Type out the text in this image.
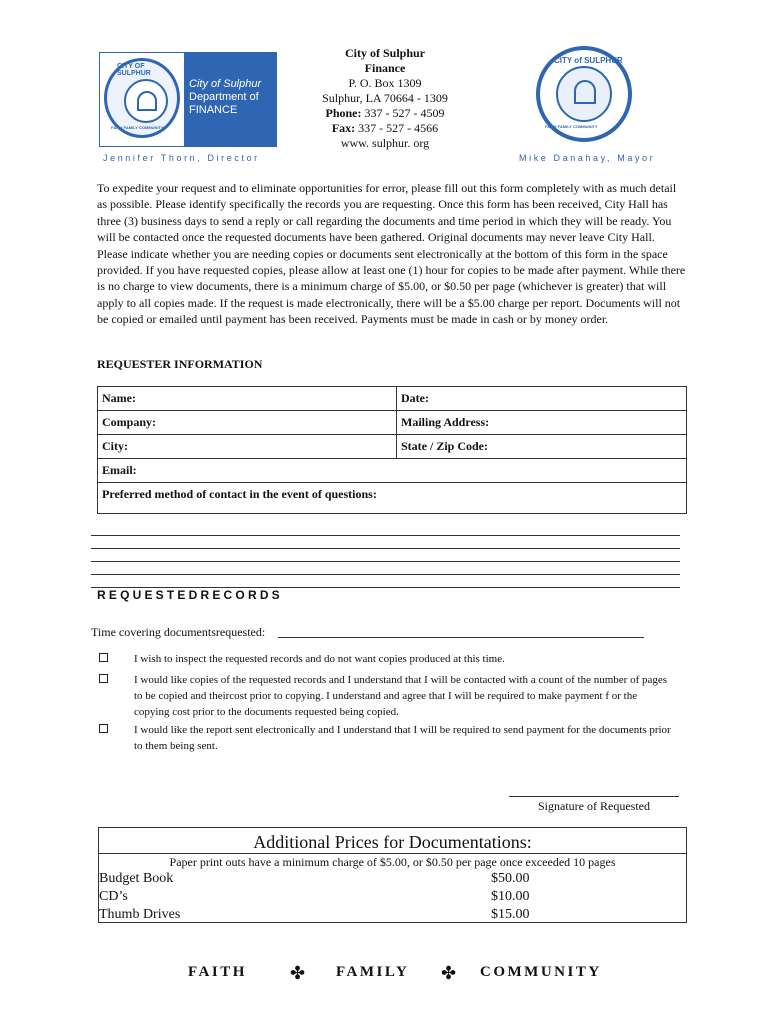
CITY OF SULPHUR
FAITH FAMILY COMMUNITY
City of Sulphur
Department of
FINANCE
City of Sulphur
Finance
P. O. Box 1309
Sulphur, LA 70664 - 1309
Phone: 337 - 527 - 4509
Fax: 337 - 527 - 4566
www. sulphur. org
CITY of SULPHUR
FAITH FAMILY COMMUNITY
Jennifer Thorn, Director	Mike Danahay, Mayor
To expedite your request and to eliminate opportunities for error, please fill out this form completely with as much detail as possible. Please identify specifically the records you are requesting. Once this form has been received, City Hall has three (3) business days to send a reply or call regarding the documents and time period in which they will be ready. You will be contacted once the requested documents have been gathered. Original documents may never leave City Hall. Please indicate whether you are needing copies or documents sent electronically at the bottom of this form in the space provided. If you have requested copies, please allow at least one (1) hour for copies to be made after payment. While there is no charge to view documents, there is a minimum charge of $5.00, or $0.50 per page (whichever is greater) that will apply to all copies made. If the request is made electronically, there will be a $5.00 charge per report. Documents will not be copied or emailed until payment has been received. Payments must be made in cash or by money order.
REQUESTER INFORMATION
Name:	Date:
Company:	Mailing Address:
City:	State / Zip Code:
Email:	
Preferred method of contact in the event of questions:	
REQUESTEDRECORDS
Time covering documentsrequested:
I wish to inspect the requested records and do not want copies produced at this time.
I would like copies of the requested records and I understand that I will be contacted with a count of the number of pages to be copied and theircost prior to copying. I understand and agree that I will be required to make payment f or the copying cost prior to the documents requested being copied.
I would like the report sent electronically and I understand that I will be required to send payment for the documents prior to them being sent.
Signature of Requested
Additional Prices for Documentations:
Paper print outs have a minimum charge of $5.00, or $0.50 per page once exceeded 10 pages
Budget Book	$50.00
CD’s	$10.00
Thumb Drives	$15.00
FAITH ✤ FAMILY ✤ COMMUNITY
